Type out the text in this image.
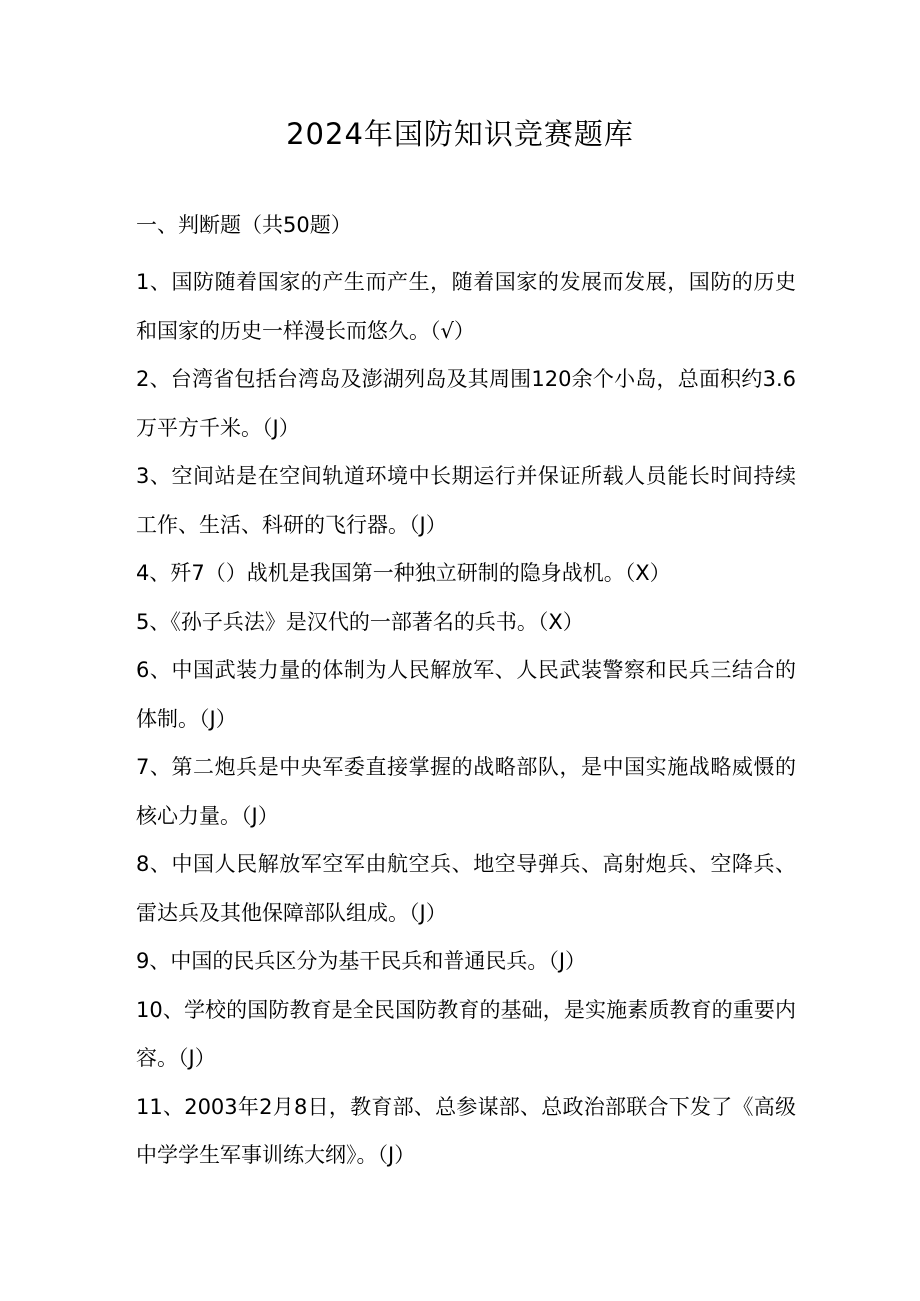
2024年国防知识竞赛题库
一、判断题（共50题）
1、国防随着国家的产生而产生，随着国家的发展而发展，国防的历史和国家的历史一样漫长而悠久。（√）
2、台湾省包括台湾岛及澎湖列岛及其周围120余个小岛，总面积约3.6万平方千米。（J）
3、空间站是在空间轨道环境中长期运行并保证所载人员能长时间持续工作、生活、科研的飞行器。（J）
4、歼7（）战机是我国第一种独立研制的隐身战机。（X）
5、《孙子兵法》是汉代的一部著名的兵书。（X）
6、中国武装力量的体制为人民解放军、人民武装警察和民兵三结合的体制。（J）
7、第二炮兵是中央军委直接掌握的战略部队，是中国实施战略威慑的核心力量。（J）
8、中国人民解放军空军由航空兵、地空导弹兵、高射炮兵、空降兵、雷达兵及其他保障部队组成。（J）
9、中国的民兵区分为基干民兵和普通民兵。（J）
10、学校的国防教育是全民国防教育的基础，是实施素质教育的重要内容。（J）
11、2003年2月8日，教育部、总参谋部、总政治部联合下发了《高级中学学生军事训练大纲》。（J）
